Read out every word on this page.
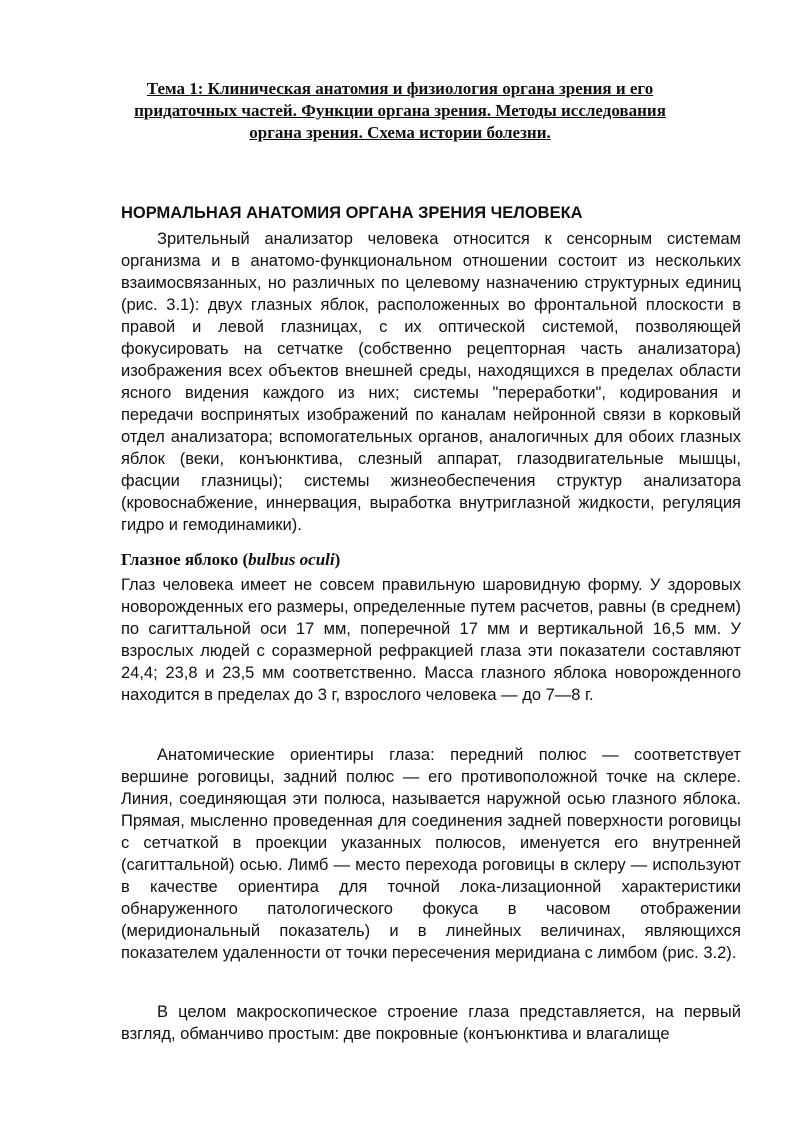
Тема 1: Клиническая анатомия и физиология органа зрения и его
придаточных частей. Функции органа зрения. Методы исследования
органа зрения. Схема истории болезни.
НОРМАЛЬНАЯ АНАТОМИЯ ОРГАНА ЗРЕНИЯ ЧЕЛОВЕКА

Зрительный анализатор человека относится к сенсорным системам организма и в анатомо-функциональном отношении состоит из нескольких взаимосвязанных, но различных по целевому назначению структурных единиц (рис. 3.1): двух глазных яблок, расположенных во фронтальной плоскости в правой и левой глазницах, с их оптической системой, позволяющей фокусировать на сетчатке (собственно рецепторная часть анализатора) изображения всех объектов внешней среды, находящихся в пределах области ясного видения каждого из них; системы "переработки", кодирования и передачи воспринятых изображений по каналам нейронной связи в корковый отдел анализатора; вспомогательных органов, аналогичных для обоих глазных яблок (веки, конъюнктива, слезный аппарат, глазодвигательные мышцы, фасции глазницы); системы жизнеобеспечения структур анализатора (кровоснабжение, иннервация, выработка внутриглазной жидкости, регуляция гидро и гемодинамики).

Глазное яблоко (bulbus oculi)

Глаз человека имеет не совсем правильную шаровидную форму. У здоровых новорожденных его размеры, определенные путем расчетов, равны (в среднем) по сагиттальной оси 17 мм, поперечной 17 мм и вертикальной 16,5 мм. У взрослых людей с соразмерной рефракцией глаза эти показатели составляют 24,4; 23,8 и 23,5 мм соответственно. Масса глазного яблока новорожденного находится в пределах до 3 г, взрослого человека — до 7—8 г.

Анатомические ориентиры глаза: передний полюс — соответствует вершине роговицы, задний полюс — его противоположной точке на склере. Линия, соединяющая эти полюса, называется наружной осью глазного яблока. Прямая, мысленно проведенная для соединения задней поверхности роговицы с сетчаткой в проекции указанных полюсов, именуется его внутренней (сагиттальной) осью. Лимб — место перехода роговицы в склеру — используют в качестве ориентира для точной лока-лизационной характеристики обнаруженного патологического фокуса в часовом отображении (меридиональный показатель) и в линейных величинах, являющихся показателем удаленности от точки пересечения меридиана с лимбом (рис. 3.2).

В целом макроскопическое строение глаза представляется, на первый взгляд, обманчиво простым: две покровные (конъюнктива и влагалище
